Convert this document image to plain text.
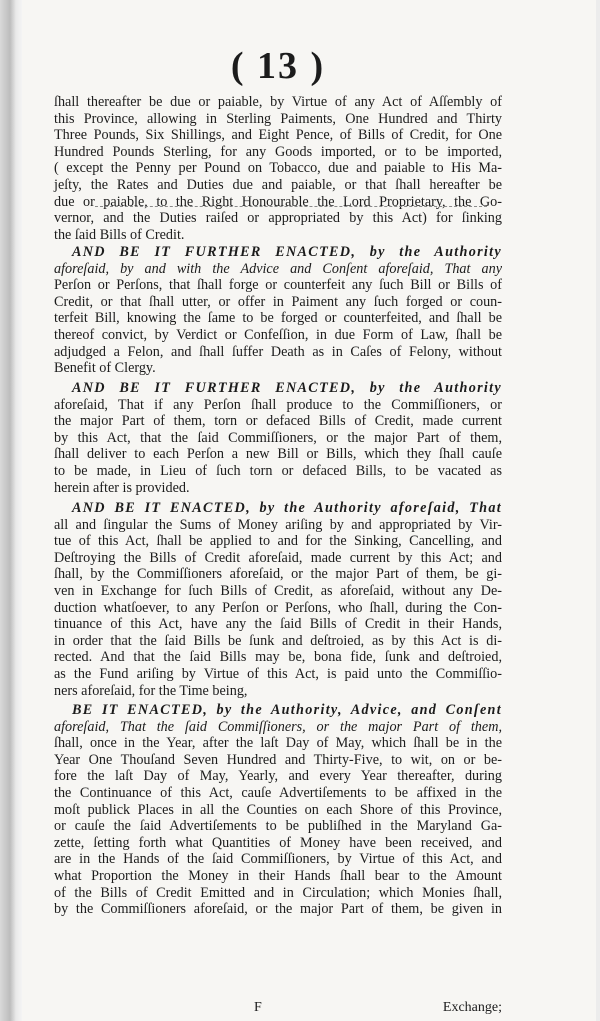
( 13 )
ſhall thereafter be due or paiable, by Virtue of any Act of Aſſembly of
this Province, allowing in Sterling Paiments, One Hundred and Thirty
Three Pounds, Six Shillings, and Eight Pence, of Bills of Credit, for One
Hundred Pounds Sterling, for any Goods imported, or to be imported,
( except the Penny per Pound on Tobacco, due and paiable to His Ma-
jeſty, the Rates and Duties due and paiable, or that ſhall hereafter be
due or paiable, to the Right Honourable the Lord Proprietary, the Go-
vernor, and the Duties raiſed or appropriated by this Act) for ſinking
the ſaid Bills of Credit.
AND BE IT FURTHER ENACTED, by the Authority
aforeſaid, by and with the Advice and Conſent aforeſaid, That any
Perſon or Perſons, that ſhall forge or counterfeit any ſuch Bill or Bills of
Credit, or that ſhall utter, or offer in Paiment any ſuch forged or coun-
terfeit Bill, knowing the ſame to be forged or counterfeited, and ſhall be
thereof convict, by Verdict or Confeſſion, in due Form of Law, ſhall be
adjudged a Felon, and ſhall ſuffer Death as in Caſes of Felony, without
Benefit of Clergy.
AND BE IT FURTHER ENACTED, by the Authority
aforeſaid, That if any Perſon ſhall produce to the Commiſſioners, or
the major Part of them, torn or defaced Bills of Credit, made current
by this Act, that the ſaid Commiſſioners, or the major Part of them,
ſhall deliver to each Perſon a new Bill or Bills, which they ſhall cauſe
to be made, in Lieu of ſuch torn or defaced Bills, to be vacated as
herein after is provided.
AND BE IT ENACTED, by the Authority aforeſaid, That
all and ſingular the Sums of Money ariſing by and appropriated by Vir-
tue of this Act, ſhall be applied to and for the Sinking, Cancelling, and
Deſtroying the Bills of Credit aforeſaid, made current by this Act; and
ſhall, by the Commiſſioners aforeſaid, or the major Part of them, be gi-
ven in Exchange for ſuch Bills of Credit, as aforeſaid, without any De-
duction whatſoever, to any Perſon or Perſons, who ſhall, during the Con-
tinuance of this Act, have any the ſaid Bills of Credit in their Hands,
in order that the ſaid Bills be ſunk and deſtroied, as by this Act is di-
rected. And that the ſaid Bills may be, bona fide, ſunk and deſtroied,
as the Fund ariſing by Virtue of this Act, is paid unto the Commiſſio-
ners aforeſaid, for the Time being,
BE IT ENACTED, by the Authority, Advice, and Conſent
aforeſaid, That the ſaid Commiſſioners, or the major Part of them,
ſhall, once in the Year, after the laſt Day of May, which ſhall be in the
Year One Thouſand Seven Hundred and Thirty-Five, to wit, on or be-
fore the laſt Day of May, Yearly, and every Year thereafter, during
the Continuance of this Act, cauſe Advertiſements to be affixed in the
moſt publick Places in all the Counties on each Shore of this Province,
or cauſe the ſaid Advertiſements to be publiſhed in the Maryland Ga-
zette, ſetting forth what Quantities of Money have been received, and
are in the Hands of the ſaid Commiſſioners, by Virtue of this Act, and
what Proportion the Money in their Hands ſhall bear to the Amount
of the Bills of Credit Emitted and in Circulation; which Monies ſhall,
by the Commiſſioners aforeſaid, or the major Part of them, be given in
F	Exchange;
